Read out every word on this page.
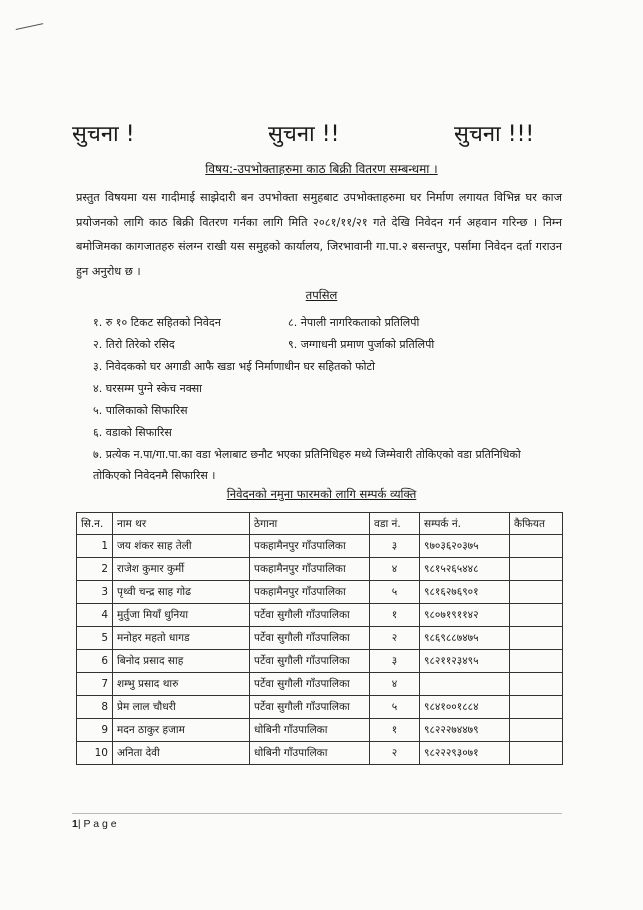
सुचना !	सुचना !!	सुचना !!!
विषय:-उपभोक्ताहरुमा काठ बिक्री वितरण सम्बन्धमा ।
प्रस्तुत विषयमा यस गादीमाई साझेदारी बन उपभोक्ता समुहबाट उपभोक्ताहरुमा घर निर्माण लगायत विभिन्न घर काज प्रयोजनको लागि काठ बिक्री वितरण गर्नका लागि मिति २०८१/११/२१ गते देखि निवेदन गर्न अहवान गरिन्छ । निम्न बमोजिमका कागजातहरु संलग्न राखी यस समुहको कार्यालय, जिरभावानी गा.पा.२ बसन्तपुर, पर्सामा निवेदन दर्ता गराउन हुन अनुरोध छ ।
तपसिल
१. रु १० टिकट सहितको निवेदन	८. नेपाली नागरिकताको प्रतिलिपी
२. तिरो तिरेको रसिद	९. जग्गाधनी प्रमाण पुर्जाको प्रतिलिपी
३. निवेदकको घर अगाडी आफै खडा भई निर्माणाधीन घर सहितको फोटो
४. घरसम्म पुग्ने स्केच नक्सा
५. पालिकाको सिफारिस
६. वडाको सिफारिस
७. प्रत्येक न.पा/गा.पा.का वडा भेलाबाट छनौट भएका प्रतिनिधिहरु मध्ये जिम्मेवारी तोकिएको वडा प्रतिनिधिको तोकिएको निवेदनमै सिफारिस ।
निवेदनको नमुना फारमको लागि सम्पर्क व्यक्ति
सि.न.	नाम थर	ठेगाना	वडा नं.	सम्पर्क नं.	कैफियत
1	जय शंकर साह तेली	पकहामैनपुर गाँउपालिका	३	९७०३६२०३७५	
2	राजेश कुमार कुर्मी	पकहामैनपुर गाँउपालिका	४	९८१५२६५४४८	
3	पृथ्वी चन्द्र साह गोढ	पकहामैनपुर गाँउपालिका	५	९८१६२७६९०१	
4	मुर्तुजा मियाँ धुनिया	पर्टेवा सुगौली गाँउपालिका	१	९८०७१९११४२	
5	मनोहर महतो धागड	पर्टेवा सुगौली गाँउपालिका	२	९८६९८८७४७५	
6	बिनोद प्रसाद साह	पर्टेवा सुगौली गाँउपालिका	३	९८२११२३४९५	
7	शम्भु प्रसाद थारु	पर्टेवा सुगौली गाँउपालिका	४		
8	प्रेम लाल चौधरी	पर्टेवा सुगौली गाँउपालिका	५	९८४१००१८८४	
9	मदन ठाकुर हजाम	धोबिनी गाँउपालिका	१	९८२२२७४४७९	
10	अनिता देवी	धोबिनी गाँउपालिका	२	९८२२२९३०७१	
1| P a g e
